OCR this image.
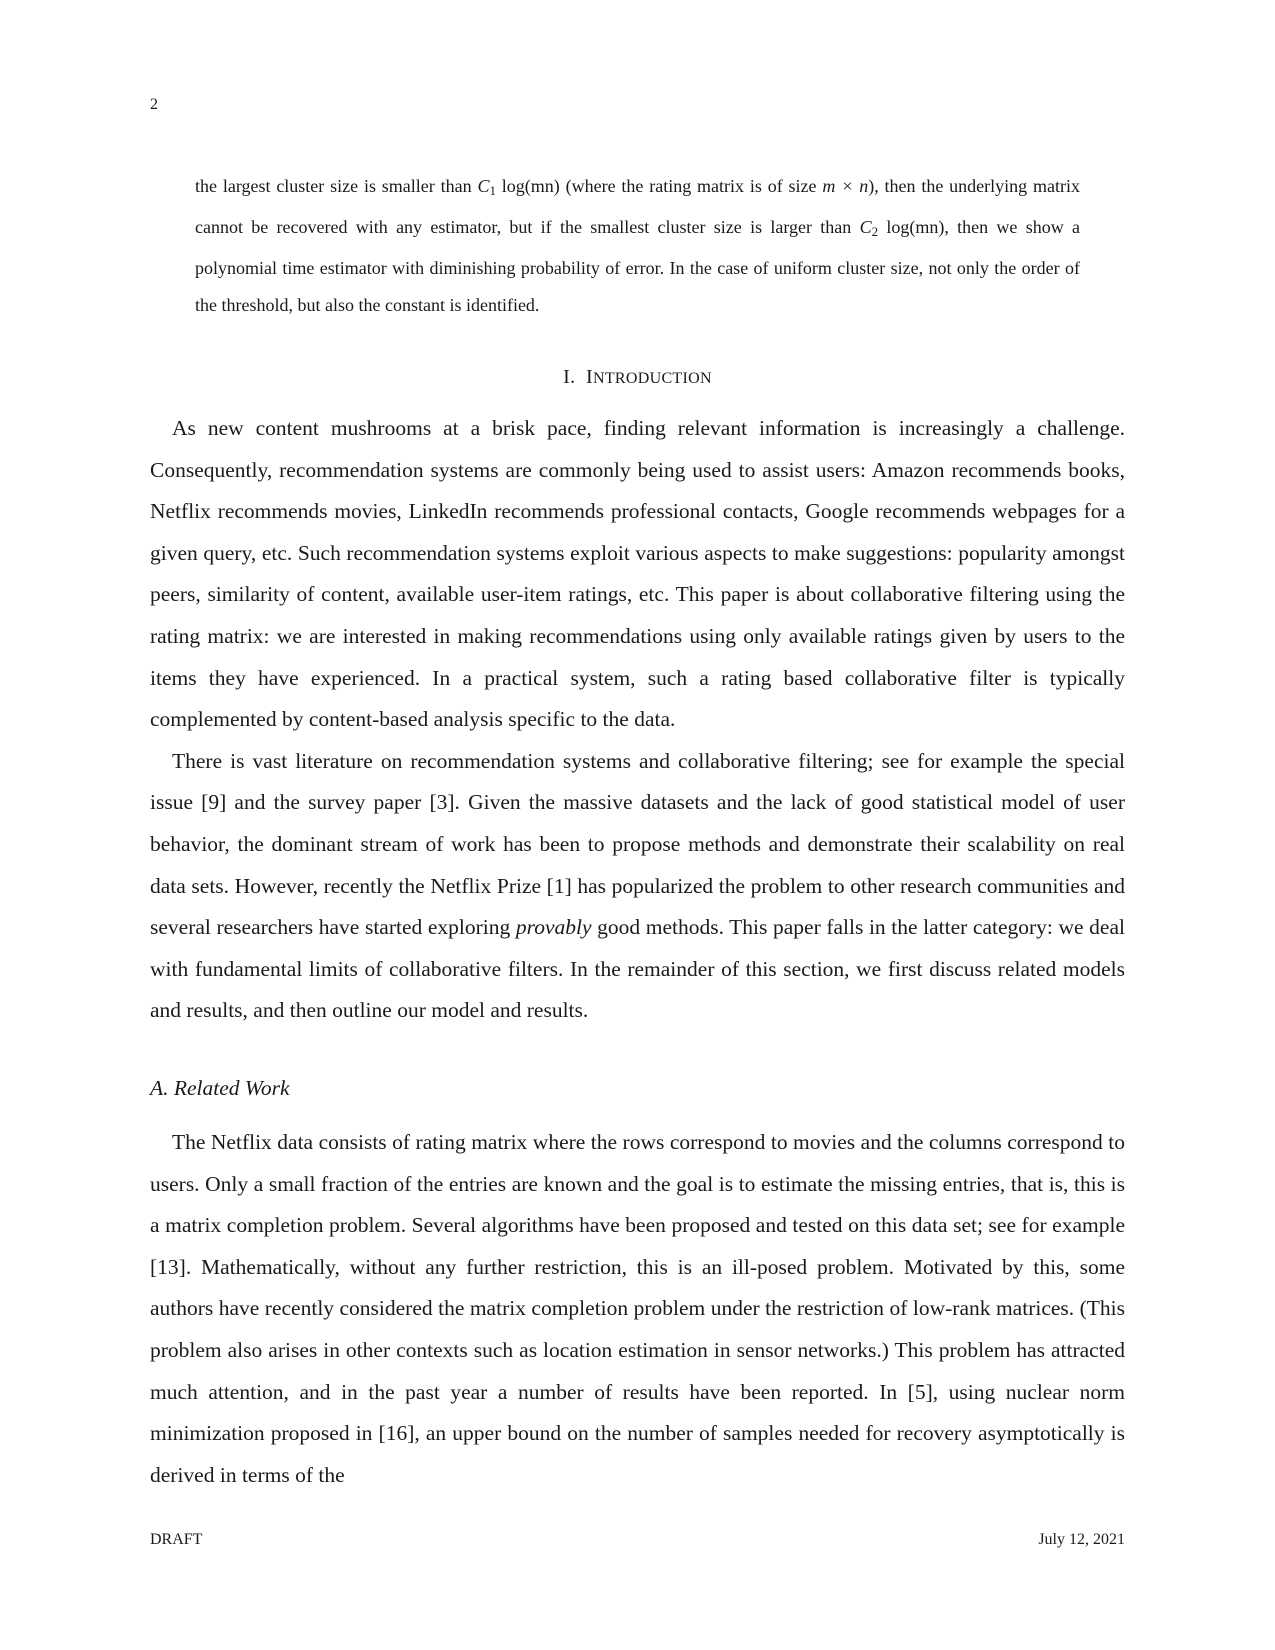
2

the largest cluster size is smaller than $C_1$ log(mn) (where the rating matrix is of size m × n), then the underlying matrix cannot be recovered with any estimator, but if the smallest cluster size is larger than $C_2$ log(mn), then we show a polynomial time estimator with diminishing probability of error. In the case of uniform cluster size, not only the order of the threshold, but also the constant is identified.

I. INTRODUCTION

As new content mushrooms at a brisk pace, finding relevant information is increasingly a challenge. Consequently, recommendation systems are commonly being used to assist users: Amazon recommends books, Netflix recommends movies, LinkedIn recommends professional contacts, Google recommends webpages for a given query, etc. Such recommendation systems exploit various aspects to make suggestions: popularity amongst peers, similarity of content, available user-item ratings, etc. This paper is about collaborative filtering using the rating matrix: we are interested in making recommendations using only available ratings given by users to the items they have experienced. In a practical system, such a rating based collaborative filter is typically complemented by content-based analysis specific to the data.

There is vast literature on recommendation systems and collaborative filtering; see for example the special issue [9] and the survey paper [3]. Given the massive datasets and the lack of good statistical model of user behavior, the dominant stream of work has been to propose methods and demonstrate their scalability on real data sets. However, recently the Netflix Prize [1] has popularized the problem to other research communities and several researchers have started exploring provably good methods. This paper falls in the latter category: we deal with fundamental limits of collaborative filters. In the remainder of this section, we first discuss related models and results, and then outline our model and results.

A. Related Work

The Netflix data consists of rating matrix where the rows correspond to movies and the columns correspond to users. Only a small fraction of the entries are known and the goal is to estimate the missing entries, that is, this is a matrix completion problem. Several algorithms have been proposed and tested on this data set; see for example [13]. Mathematically, without any further restriction, this is an ill-posed problem. Motivated by this, some authors have recently considered the matrix completion problem under the restriction of low-rank matrices. (This problem also arises in other contexts such as location estimation in sensor networks.) This problem has attracted much attention, and in the past year a number of results have been reported. In [5], using nuclear norm minimization proposed in [16], an upper bound on the number of samples needed for recovery asymptotically is derived in terms of the

DRAFT	July 12, 2021
